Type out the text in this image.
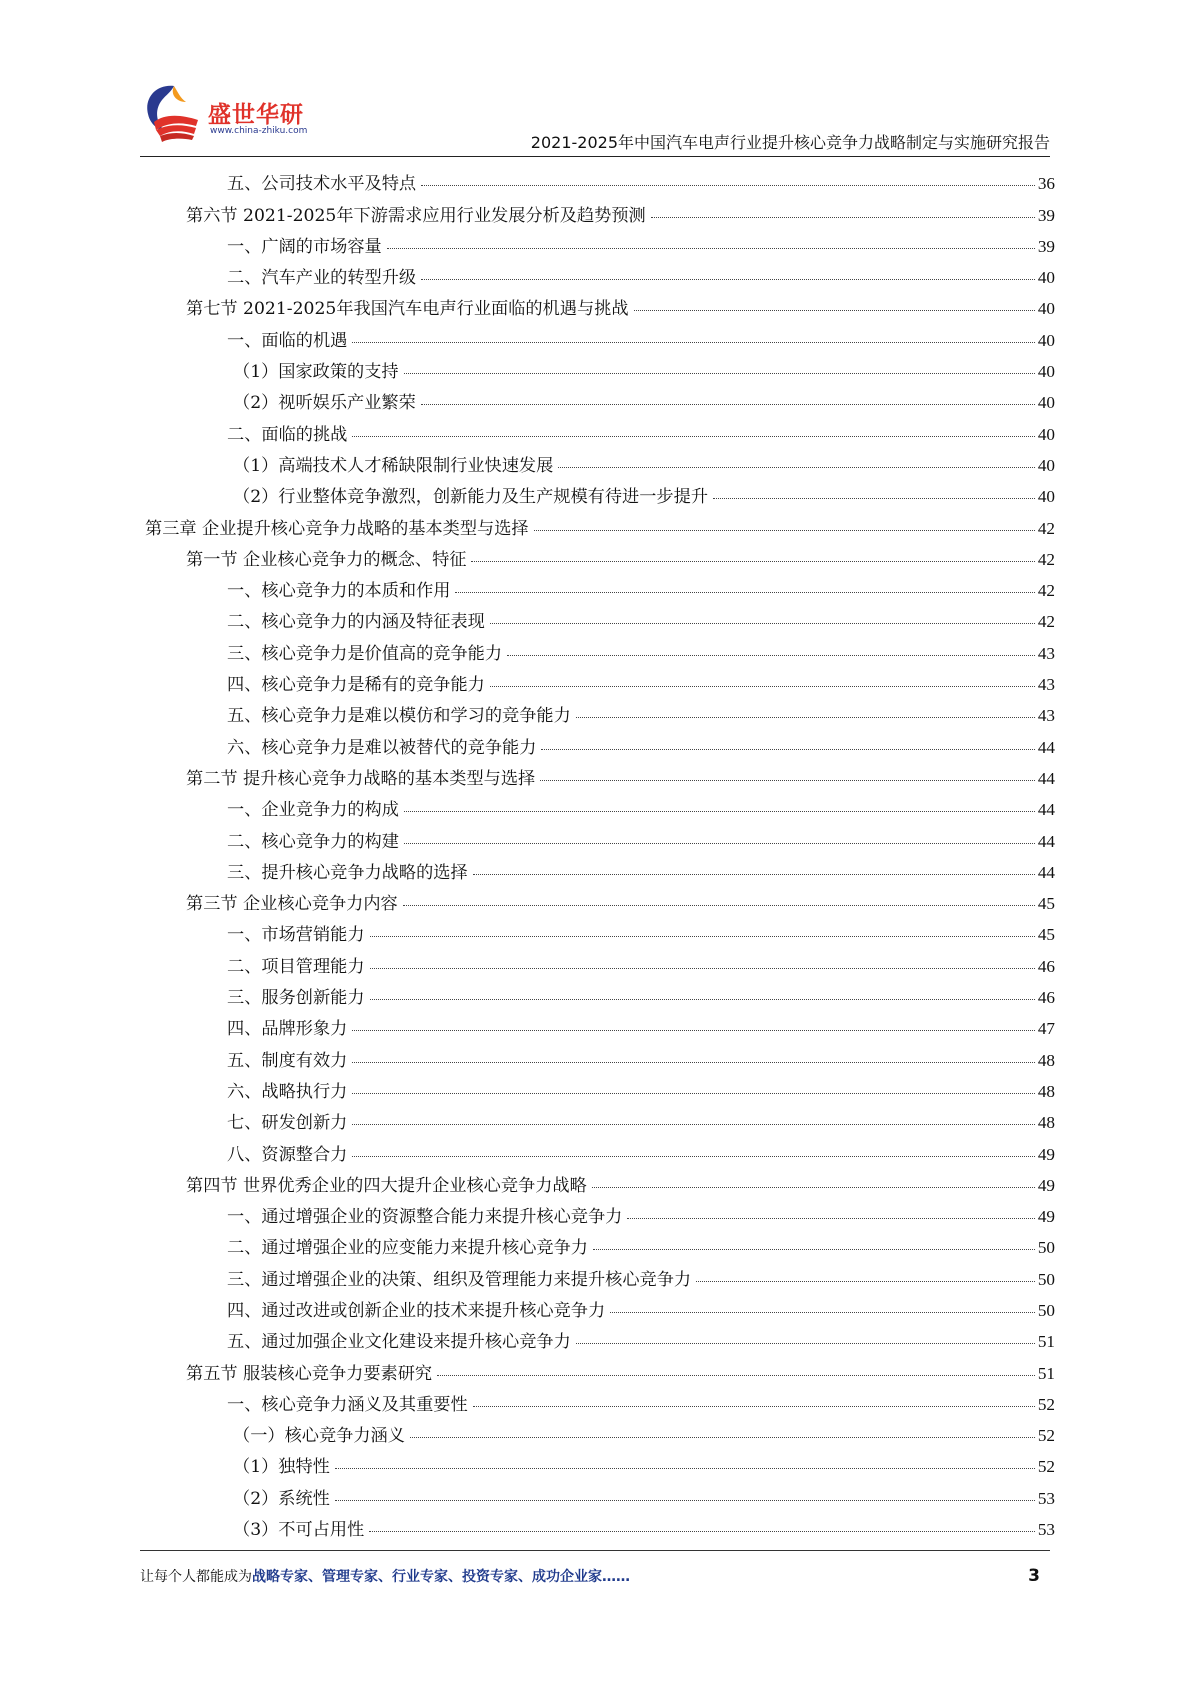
盛世华研
www.china-zhiku.com
2021-2025年中国汽车电声行业提升核心竞争力战略制定与实施研究报告
五、公司技术水平及特点	36
第六节 2021-2025年下游需求应用行业发展分析及趋势预测	39
一、广阔的市场容量	39
二、汽车产业的转型升级	40
第七节 2021-2025年我国汽车电声行业面临的机遇与挑战	40
一、面临的机遇	40
（1）国家政策的支持	40
（2）视听娱乐产业繁荣	40
二、面临的挑战	40
（1）高端技术人才稀缺限制行业快速发展	40
（2）行业整体竞争激烈，创新能力及生产规模有待进一步提升	40
第三章 企业提升核心竞争力战略的基本类型与选择	42
第一节 企业核心竞争力的概念、特征	42
一、核心竞争力的本质和作用	42
二、核心竞争力的内涵及特征表现	42
三、核心竞争力是价值高的竞争能力	43
四、核心竞争力是稀有的竞争能力	43
五、核心竞争力是难以模仿和学习的竞争能力	43
六、核心竞争力是难以被替代的竞争能力	44
第二节 提升核心竞争力战略的基本类型与选择	44
一、企业竞争力的构成	44
二、核心竞争力的构建	44
三、提升核心竞争力战略的选择	44
第三节 企业核心竞争力内容	45
一、市场营销能力	45
二、项目管理能力	46
三、服务创新能力	46
四、品牌形象力	47
五、制度有效力	48
六、战略执行力	48
七、研发创新力	48
八、资源整合力	49
第四节 世界优秀企业的四大提升企业核心竞争力战略	49
一、通过增强企业的资源整合能力来提升核心竞争力	49
二、通过增强企业的应变能力来提升核心竞争力	50
三、通过增强企业的决策、组织及管理能力来提升核心竞争力	50
四、通过改进或创新企业的技术来提升核心竞争力	50
五、通过加强企业文化建设来提升核心竞争力	51
第五节 服装核心竞争力要素研究	51
一、核心竞争力涵义及其重要性	52
（一）核心竞争力涵义	52
（1）独特性	52
（2）系统性	53
（3）不可占用性	53
让每个人都能成为战略专家、管理专家、行业专家、投资专家、成功企业家……	3
